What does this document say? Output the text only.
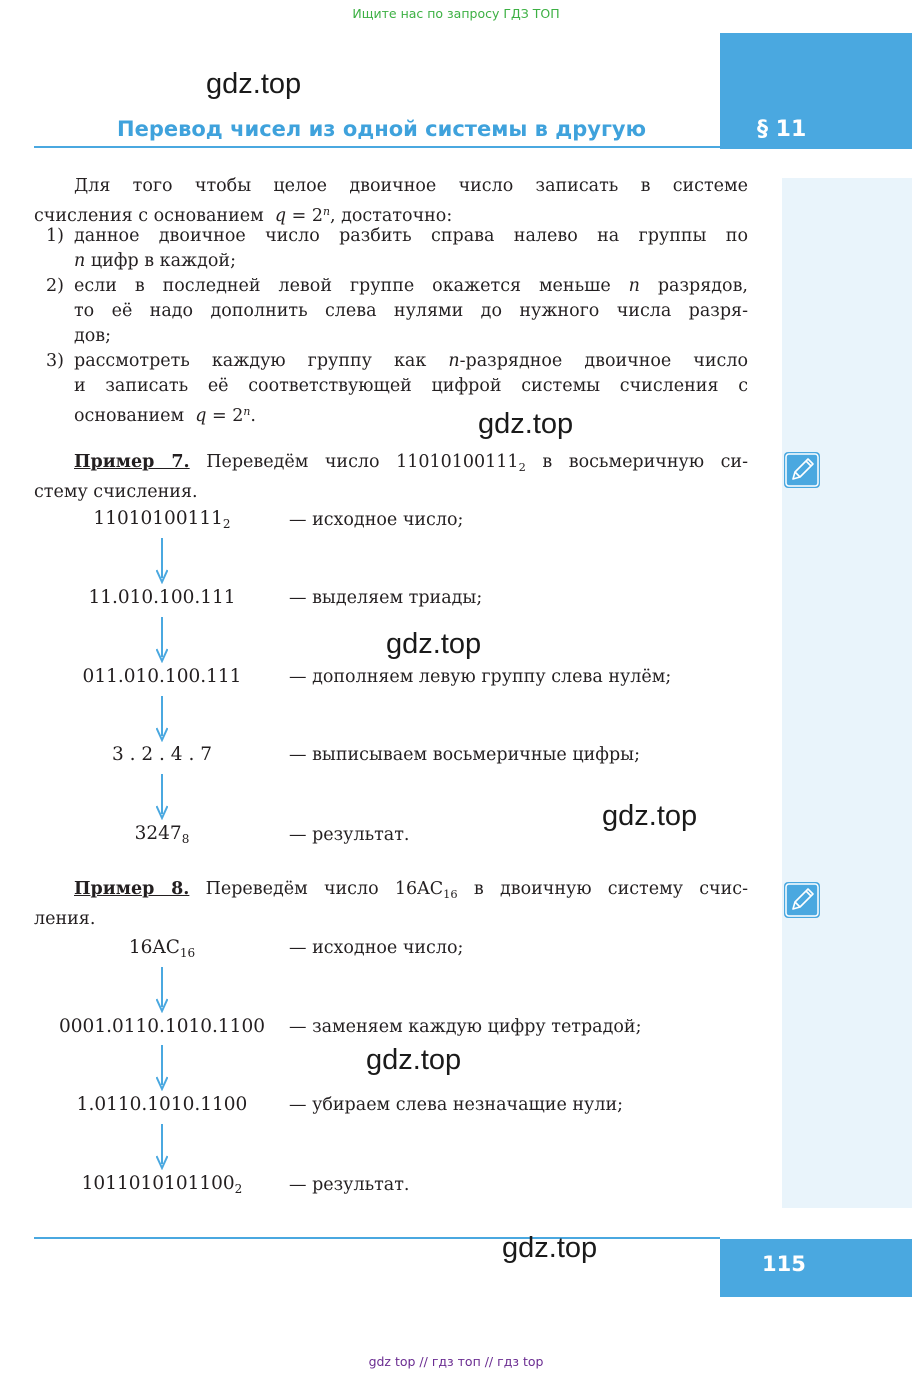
Ищите нас по запросу ГДЗ ТОП
§ 11
Перевод чисел из одной системы в другую
gdz.top
Для того чтобы целое двоичное число записать в системе
счисления с основанием $q = 2^n$, достаточно:
1) данное двоичное число разбить справа налево на группы по
n цифр в каждой;
2) если в последней левой группе окажется меньше n разрядов,
то её надо дополнить слева нулями до нужного числа разря-
дов;
3) рассмотреть каждую группу как n-разрядное двоичное число
и записать её соответствующей цифрой системы счисления с
основанием  $q = 2^n$.	gdz.top
Пример 7. Переведём число $11010100111_2$ в восьмеричную си-
стему счисления.
$11010100111_2$	— исходное число;
11.010.100.111	— выделяем триады;
gdz.top
011.010.100.111	— дополняем левую группу слева нулём;
3 . 2 . 4 . 7	— выписываем восьмеричные цифры;
gdz.top
$3247_8$	— результат.
Пример 8. Переведём число $16AC_{16}$ в двоичную систему счис-
ления.
$16AC_{16}$	— исходное число;
0001.0110.1010.1100	— заменяем каждую цифру тетрадой;
gdz.top
1.0110.1010.1100	— убираем слева незначащие нули;
$1011010101100_2$	— результат.
115
gdz.top
gdz top // гдз топ // гдз top
